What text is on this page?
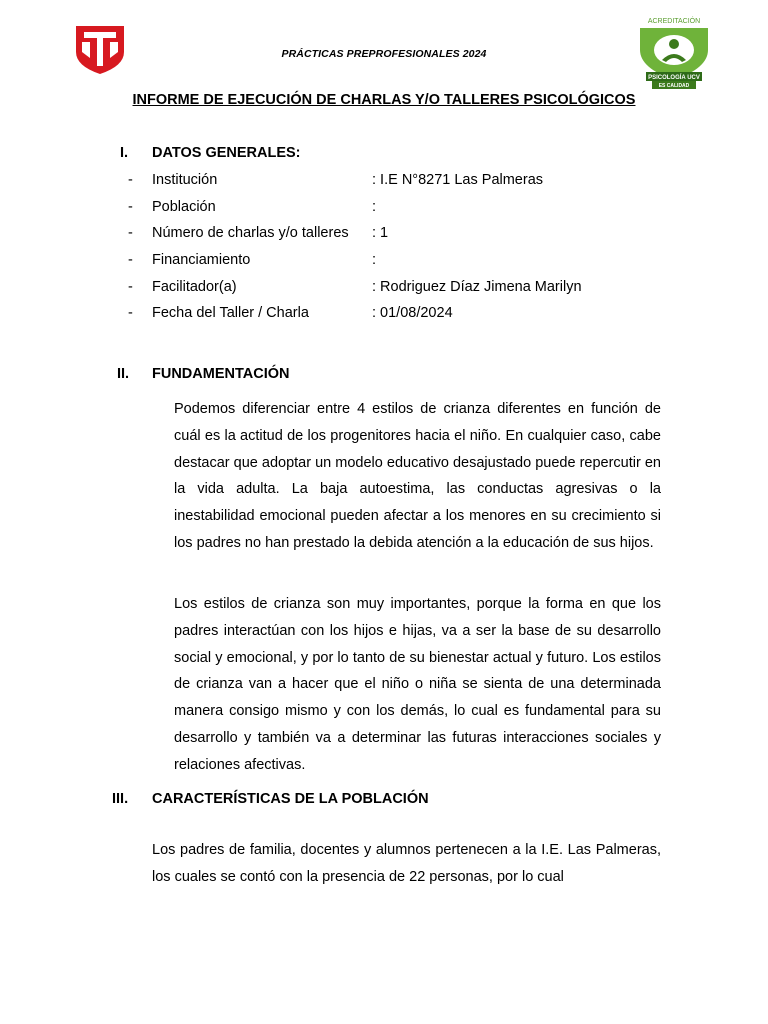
ACREDITACIÓN
PSICOLOGÍA UCV
ES CALIDAD
PRÁCTICAS PREPROFESIONALES 2024
INFORME DE EJECUCIÓN DE CHARLAS Y/O TALLERES PSICOLÓGICOS
I. DATOS GENERALES:
- Institución	: I.E N°8271 Las Palmeras
- Población	:
- Número de charlas y/o talleres : 1
- Financiamiento	:
- Facilitador(a)	: Rodriguez Díaz Jimena Marilyn
- Fecha del Taller / Charla	: 01/08/2024
II. FUNDAMENTACIÓN

Podemos diferenciar entre 4 estilos de crianza diferentes en función de cuál es la actitud de los progenitores hacia el niño. En cualquier caso, cabe destacar que adoptar un modelo educativo desajustado puede repercutir en la vida adulta. La baja autoestima, las conductas agresivas o la inestabilidad emocional pueden afectar a los menores en su crecimiento si los padres no han prestado la debida atención a la educación de sus hijos.

Los estilos de crianza son muy importantes, porque la forma en que los padres interactúan con los hijos e hijas, va a ser la base de su desarrollo social y emocional, y por lo tanto de su bienestar actual y futuro. Los estilos de crianza van a hacer que el niño o niña se sienta de una determinada manera consigo mismo y con los demás, lo cual es fundamental para su desarrollo y también va a determinar las futuras interacciones sociales y relaciones afectivas.

III. CARACTERÍSTICAS DE LA POBLACIÓN

Los padres de familia, docentes y alumnos pertenecen a la I.E. Las Palmeras, los cuales se contó con la presencia de 22 personas, por lo cual
